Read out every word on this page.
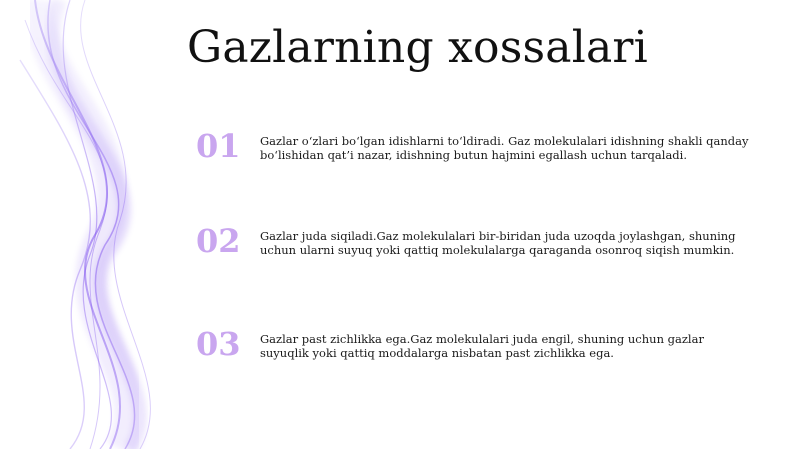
Gazlarning xossalari
01	Gazlar o‘zlari bo‘lgan idishlarni to‘ldiradi. Gaz molekulalari idishning shakli qanday bo‘lishidan qat’i nazar, idishning butun hajmini egallash uchun tarqaladi.
02	Gazlar juda siqiladi.Gaz molekulalari bir-biridan juda uzoqda joylashgan, shuning uchun ularni suyuq yoki qattiq molekulalarga qaraganda osonroq siqish mumkin.
03	Gazlar past zichlikka ega.Gaz molekulalari juda engil, shuning uchun gazlar suyuqlik yoki qattiq moddalarga nisbatan past zichlikka ega.
